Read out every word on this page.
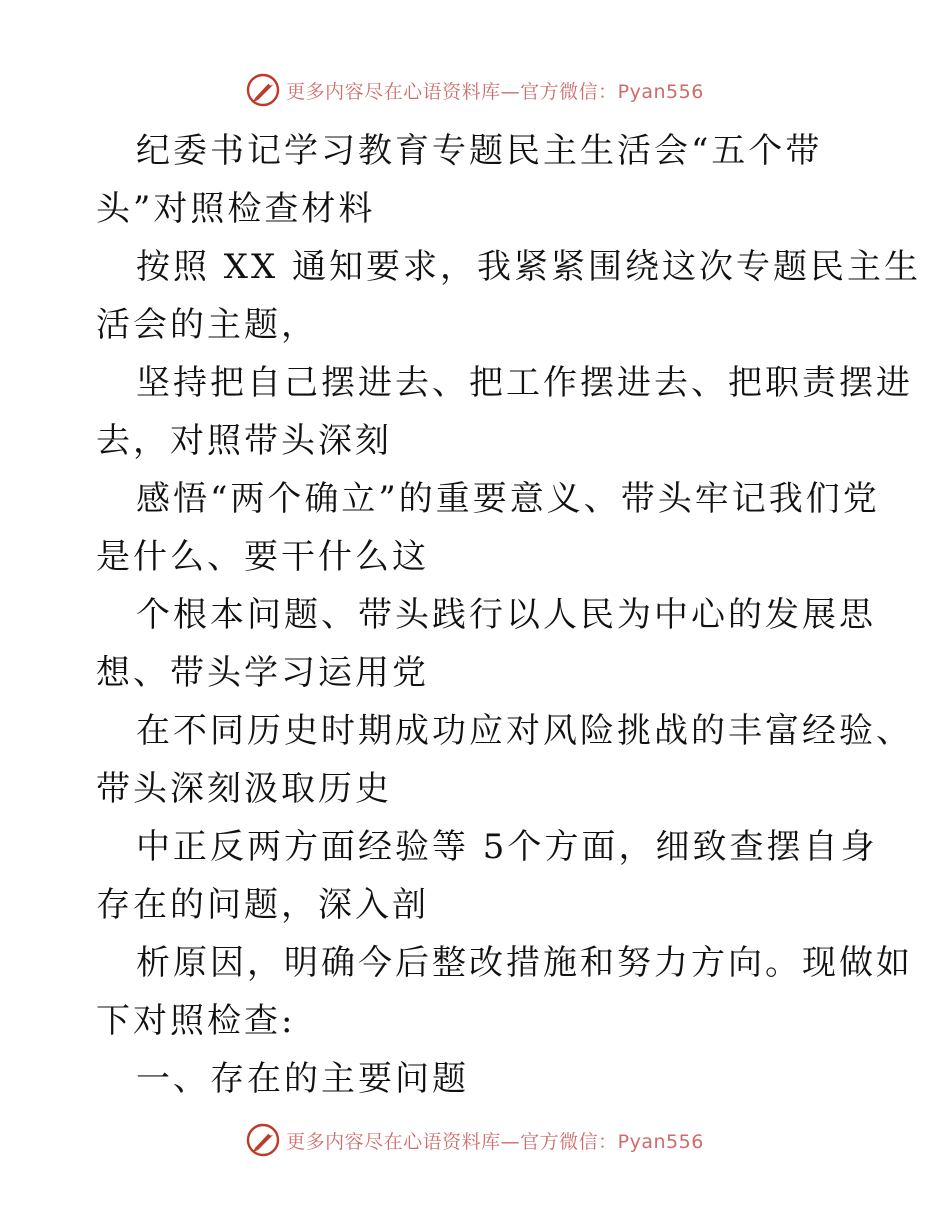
更多内容尽在心语资料库—官方微信：Pyan556

纪委书记学习教育专题民主生活会“五个带
头”对照检查材料

按照 XX 通知要求，我紧紧围绕这次专题民主生
活会的主题，

坚持把自己摆进去、把工作摆进去、把职责摆进
去，对照带头深刻

感悟“两个确立”的重要意义、带头牢记我们党
是什么、要干什么这

个根本问题、带头践行以人民为中心的发展思
想、带头学习运用党

在不同历史时期成功应对风险挑战的丰富经验、
带头深刻汲取历史

中正反两方面经验等 5个方面，细致查摆自身
存在的问题，深入剖

析原因，明确今后整改措施和努力方向。现做如
下对照检查:

一、存在的主要问题

更多内容尽在心语资料库—官方微信：Pyan556
